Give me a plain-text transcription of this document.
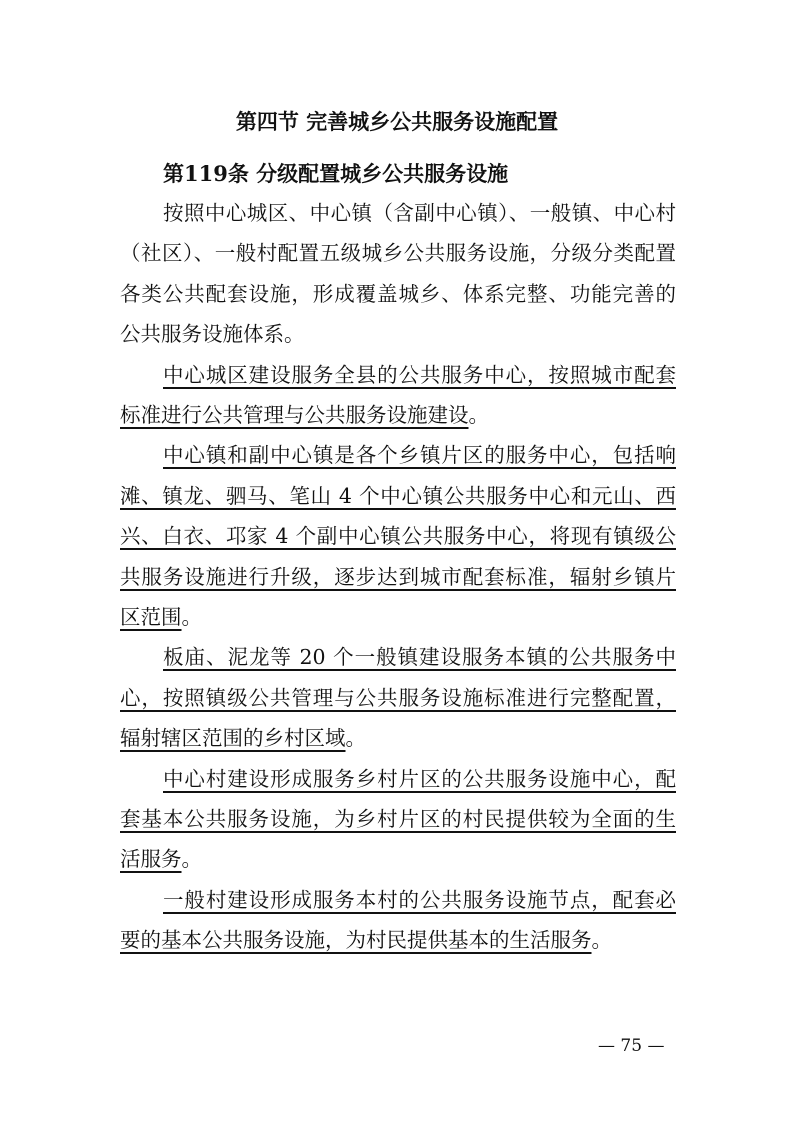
第四节 完善城乡公共服务设施配置
第119条 分级配置城乡公共服务设施
按照中心城区、中心镇（含副中心镇）、一般镇、中心村
（社区）、一般村配置五级城乡公共服务设施，分级分类配置
各类公共配套设施，形成覆盖城乡、体系完整、功能完善的
公共服务设施体系。
中心城区建设服务全县的公共服务中心，按照城市配套
标准进行公共管理与公共服务设施建设。
中心镇和副中心镇是各个乡镇片区的服务中心，包括响
滩、镇龙、驷马、笔山 4 个中心镇公共服务中心和元山、西
兴、白衣、邛家 4 个副中心镇公共服务中心，将现有镇级公
共服务设施进行升级，逐步达到城市配套标准，辐射乡镇片
区范围。
板庙、泥龙等 20 个一般镇建设服务本镇的公共服务中
心，按照镇级公共管理与公共服务设施标准进行完整配置，
辐射辖区范围的乡村区域。
中心村建设形成服务乡村片区的公共服务设施中心，配
套基本公共服务设施，为乡村片区的村民提供较为全面的生
活服务。
一般村建设形成服务本村的公共服务设施节点，配套必
要的基本公共服务设施，为村民提供基本的生活服务。
— 75 —
